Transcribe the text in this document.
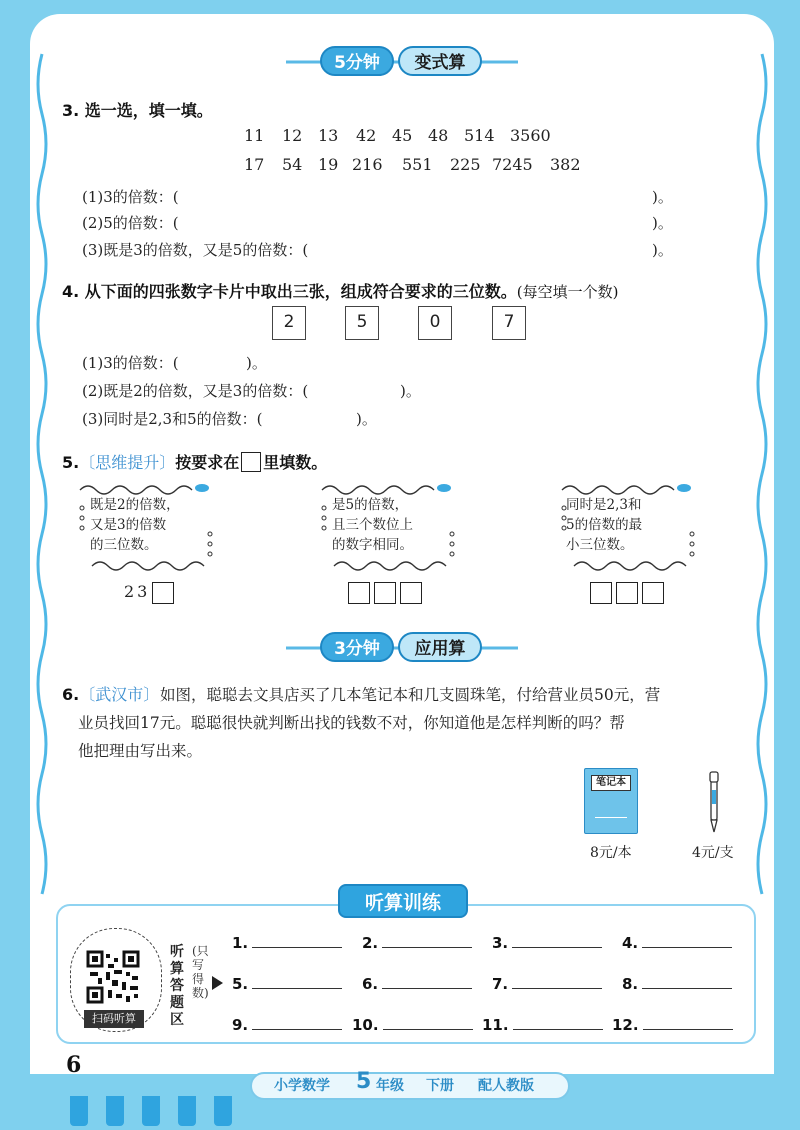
5分钟	变式算
3. 选一选，填一填。
11 12 13 42 45 48 514 3560
17 54 19 216 551 225 7245 382
(1)3的倍数：(	)。
(2)5的倍数：(	)。
(3)既是3的倍数，又是5的倍数：(	)。
4. 从下面的四张数字卡片中取出三张，组成符合要求的三位数。(每空填一个数)
2	5	0	7
(1)3的倍数：(	)。
(2)既是2的倍数，又是3的倍数：(	)。
(3)同时是2,3和5的倍数：(	)。
5.〔思维提升〕按要求在 里填数。
既是2的倍数，
又是3的倍数
的三位数。
23
是5的倍数，
且三个数位上
的数字相同。
同时是2,3和
5的倍数的最
小三位数。
3分钟	应用算
6.〔武汉市〕 如图，聪聪去文具店买了几本笔记本和几支圆珠笔，付给营业员50元，营
业员找回17元。聪聪很快就判断出找的钱数不对，你知道他是怎样判断的吗？帮
他把理由写出来。
笔记本
8元/本	4元/支
听算训练
扫码听算
听算答题区
(只写得数)
1.	2.	3.	4.
5.	6.	7.	8.
9.	10.	11.	12.
6
小学数学 5 年级 下册 配人教版
